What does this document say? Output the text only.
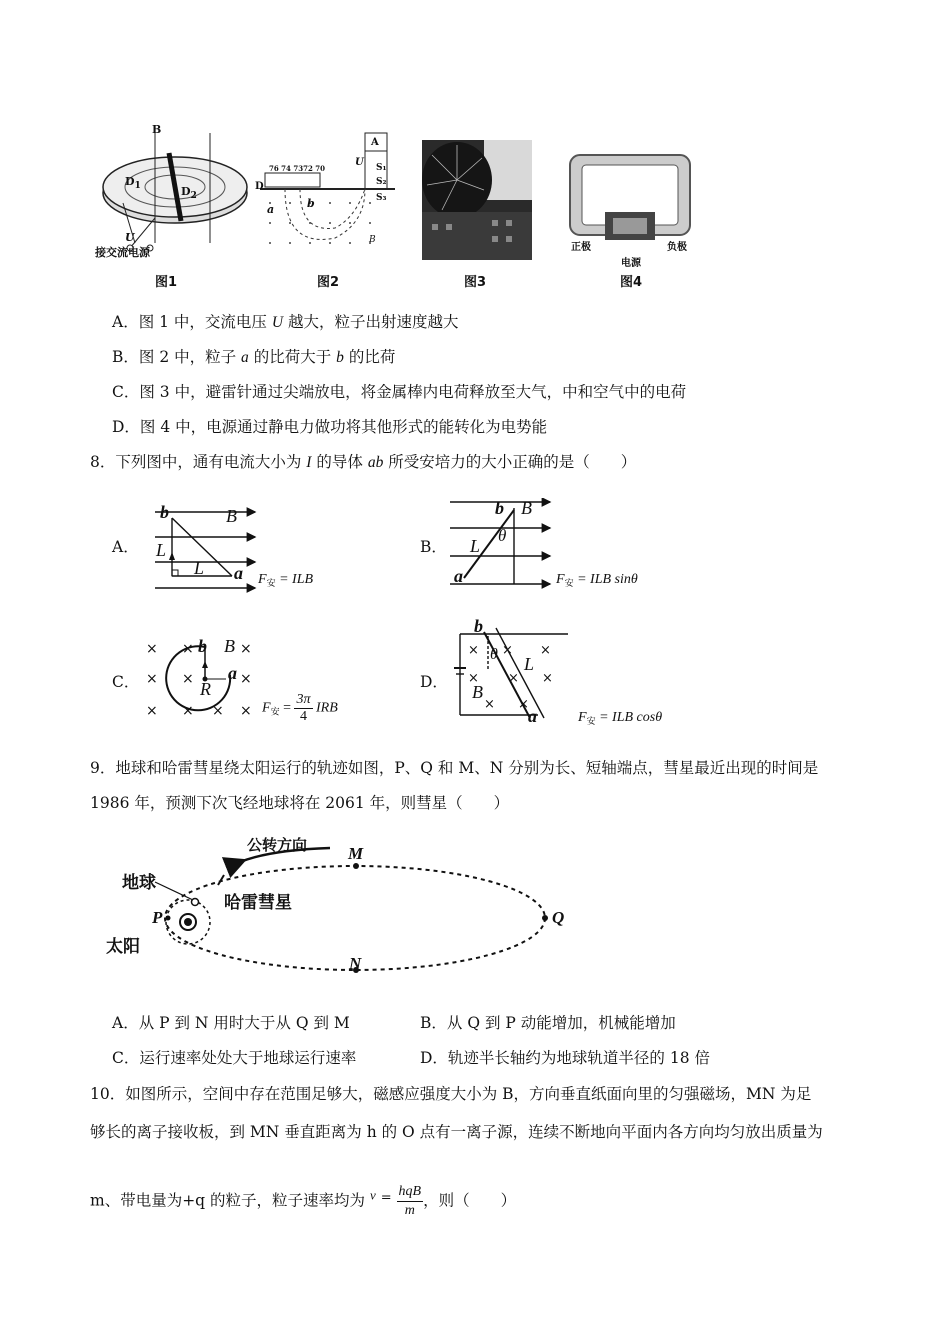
B
$D_1$	$D_2$
U
接交流电源
图1
76 74 7372 70
D
a	b
B
U
A
S₁
S₂
S₃
图2	图3
正极	负极
电源
图4
A．图 1 中，交流电压 U 越大，粒子出射速度越大
B．图 2 中，粒子 a 的比荷大于 b 的比荷
C．图 3 中，避雷针通过尖端放电，将金属棒内电荷释放至大气，中和空气中的电荷
D．图 4 中，电源通过静电力做功将其他形式的能转化为电势能
8．下列图中，通有电流大小为 I 的导体 ab 所受安培力的大小正确的是（　　）
A．
b	B
L
L a $F_安$ = ILB
B．
b B
L
θ
a	$F_安$ = ILB sinθ
C．
× ×	×
× ×	×
× × × ×
b B
a
R
$F_安 = \frac{3\pi}{4}$ IRB
D．
× × ×
× × ×
× ×
b
θ L
B
a	$F_安$ = ILB cosθ
9．地球和哈雷彗星绕太阳运行的轨迹如图，P、Q 和 M、N 分别为长、短轴端点，彗星最近出现的时间是
1986 年，预测下次飞经地球将在 2061 年，则彗星（　　）
公转方向 M
地球
哈雷彗星
P	Q
太阳
N
A．从 P 到 N 用时大于从 Q 到 M	B．从 Q 到 P 动能增加，机械能增加
C．运行速率处处大于地球运行速率	D．轨迹半长轴约为地球轨道半径的 18 倍
10．如图所示，空间中存在范围足够大，磁感应强度大小为 B，方向垂直纸面向里的匀强磁场，MN 为足
够长的离子接收板，到 MN 垂直距离为 h 的 O 点有一离子源，连续不断地向平面内各方向均匀放出质量为
m、带电量为+q 的粒子，粒子速率均为 $^v$ = hqB
m
，则（　　）
